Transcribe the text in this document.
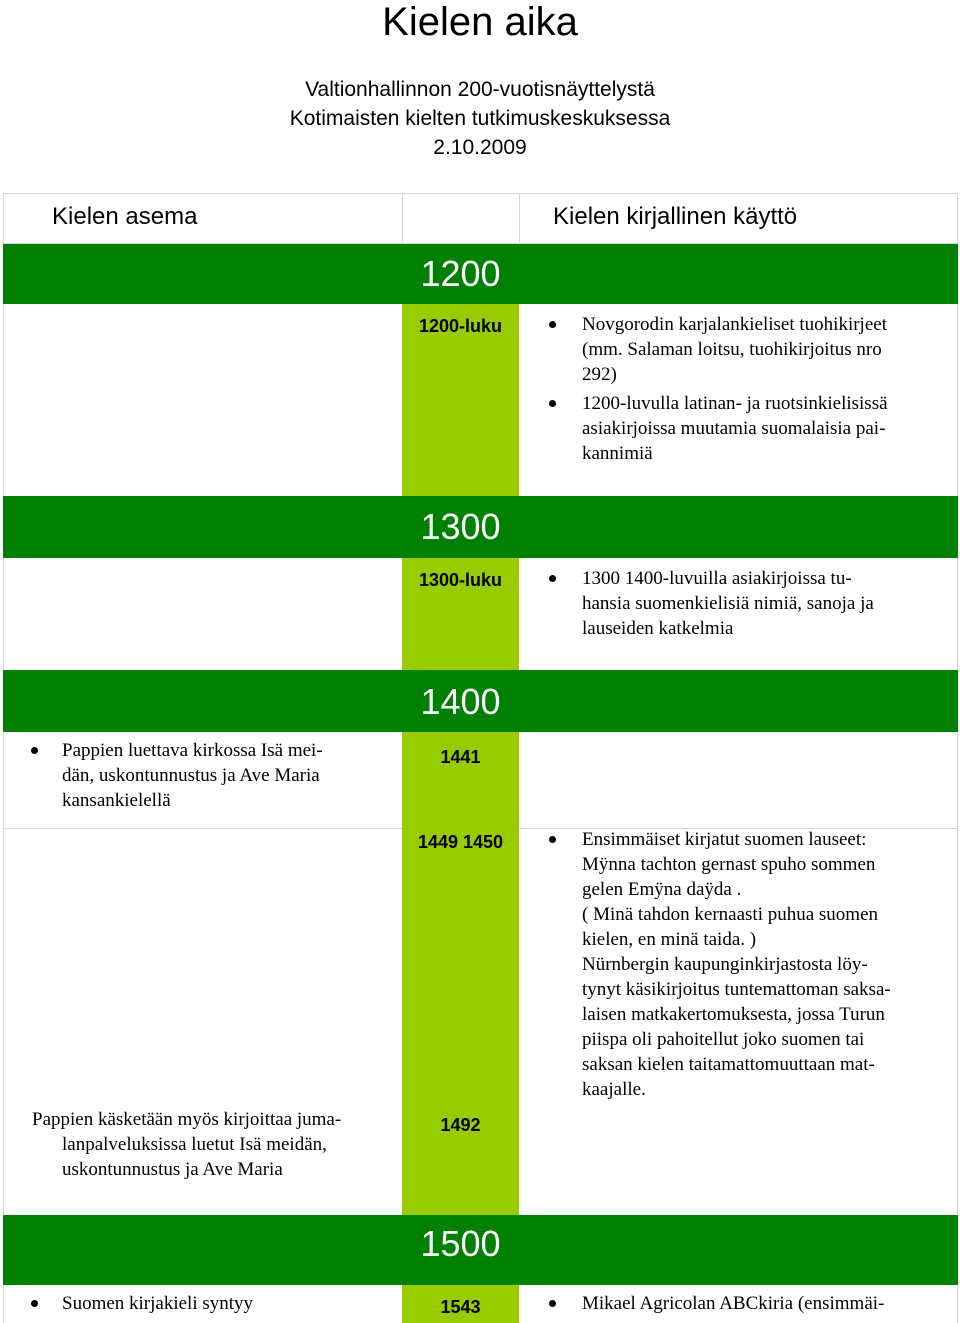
Kielen aika
Valtionhallinnon 200-vuotisnäyttelystä
Kotimaisten kielten tutkimuskeskuksessa
2.10.2009
Kielen asema	Kielen kirjallinen käyttö
1200
1300
1400
1500
1200-luku
1300-luku
1441
1449 1450
1492
1543
Novgorodin karjalankieliset tuohikirjeet
(mm. Salaman loitsu, tuohikirjoitus nro
292)
1200-luvulla latinan- ja ruotsinkielisissä
asiakirjoissa muutamia suomalaisia pai-
kannimiä
1300 1400-luvuilla asiakirjoissa tu-
hansia suomenkielisiä nimiä, sanoja ja
lauseiden katkelmia
Ensimmäiset kirjatut suomen lauseet:
Mÿnna tachton gernast spuho sommen
gelen Emÿna daÿda .
( Minä tahdon kernaasti puhua suomen
kielen, en minä taida. )
Nürnbergin kaupunginkirjastosta löy-
tynyt käsikirjoitus tuntemattoman saksa-
laisen matkakertomuksesta, jossa Turun
piispa oli pahoitellut joko suomen tai
saksan kielen taitamattomuuttaan mat-
kaajalle.
Mikael Agricolan ABCkiria (ensimmäi-
Pappien luettava kirkossa Isä mei-
dän, uskontunnustus ja Ave Maria
kansankielellä
Pappien käsketään myös kirjoittaa juma-
lanpalveluksissa luetut Isä meidän,
uskontunnustus ja Ave Maria
Suomen kirjakieli syntyy
